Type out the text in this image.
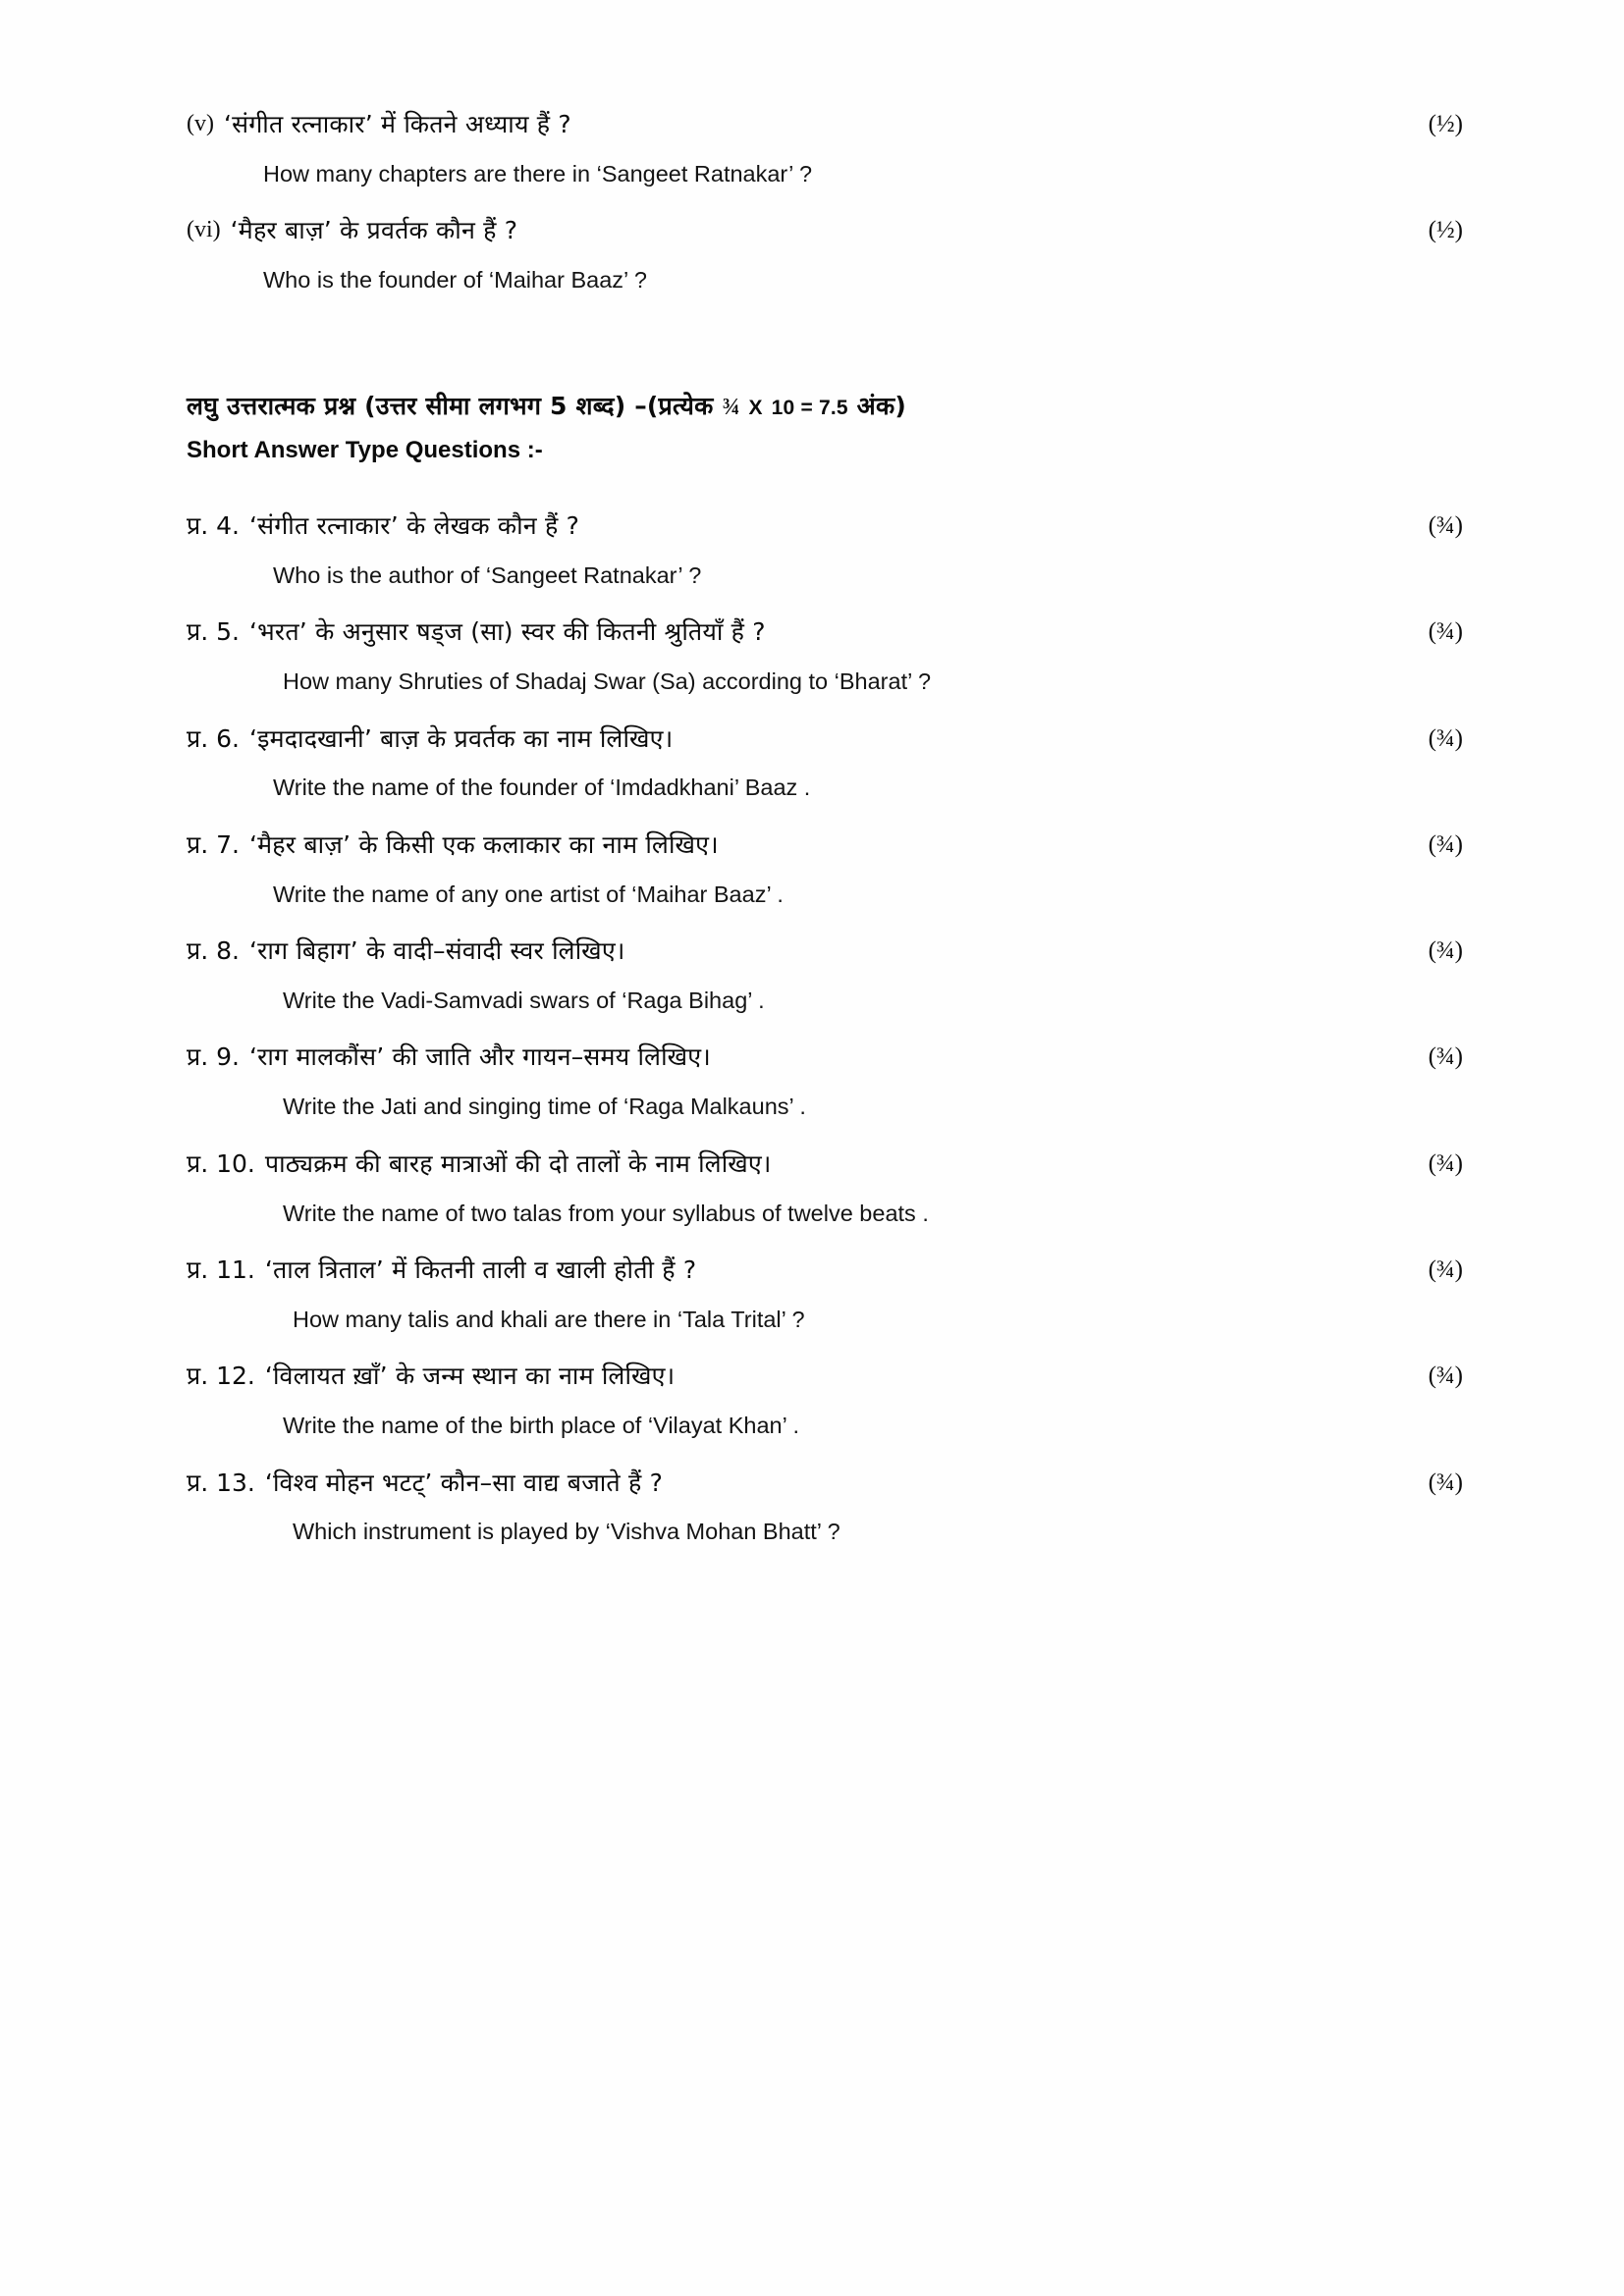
(v) ‘संगीत रत्नाकार’ में कितने अध्याय हैं ?	(½)
How many chapters are there in ‘Sangeet Ratnakar’ ?
(vi) ‘मैहर बाज़’ के प्रवर्तक कौन हैं ?	(½)
Who is the founder of ‘Maihar Baaz’ ?
लघु उत्तरात्मक प्रश्न (उत्तर सीमा लगभग 5 शब्द) –(प्रत्येक ¾ X 10 = 7.5 अंक)
Short Answer Type Questions :-
प्र. 4. ‘संगीत रत्नाकार’ के लेखक कौन हैं ?	(¾)
Who is the author of ‘Sangeet Ratnakar’ ?
प्र. 5. ‘भरत’ के अनुसार षड्ज (सा) स्वर की कितनी श्रुतियाँ हैं ?	(¾)
How many Shruties of Shadaj Swar (Sa) according to ‘Bharat’ ?
प्र. 6. ‘इमदादखानी’ बाज़ के प्रवर्तक का नाम लिखिए।	(¾)
Write the name of the founder of ‘Imdadkhani’ Baaz .
प्र. 7. ‘मैहर बाज़’ के किसी एक कलाकार का नाम लिखिए।	(¾)
Write the name of any one artist of ‘Maihar Baaz’ .
प्र. 8. ‘राग बिहाग’ के वादी–संवादी स्वर लिखिए।	(¾)
Write the Vadi-Samvadi swars of ‘Raga Bihag’ .
प्र. 9. ‘राग मालकौंस’ की जाति और गायन–समय लिखिए।	(¾)
Write the Jati and singing time of ‘Raga Malkauns’ .
प्र. 10. पाठ्यक्रम की बारह मात्राओं की दो तालों के नाम लिखिए।	(¾)
Write the name of two talas from your syllabus of twelve beats .
प्र. 11. ‘ताल त्रिताल’ में कितनी ताली व खाली होती हैं ?	(¾)
How many talis and khali are there in ‘Tala Trital’ ?
प्र. 12. ‘विलायत ख़ाँ’ के जन्म स्थान का नाम लिखिए।	(¾)
Write the name of the birth place of ‘Vilayat Khan’ .
प्र. 13. ‘विश्व मोहन भटट्’ कौन–सा वाद्य बजाते हैं ?	(¾)
Which instrument is played by ‘Vishva Mohan Bhatt’ ?
